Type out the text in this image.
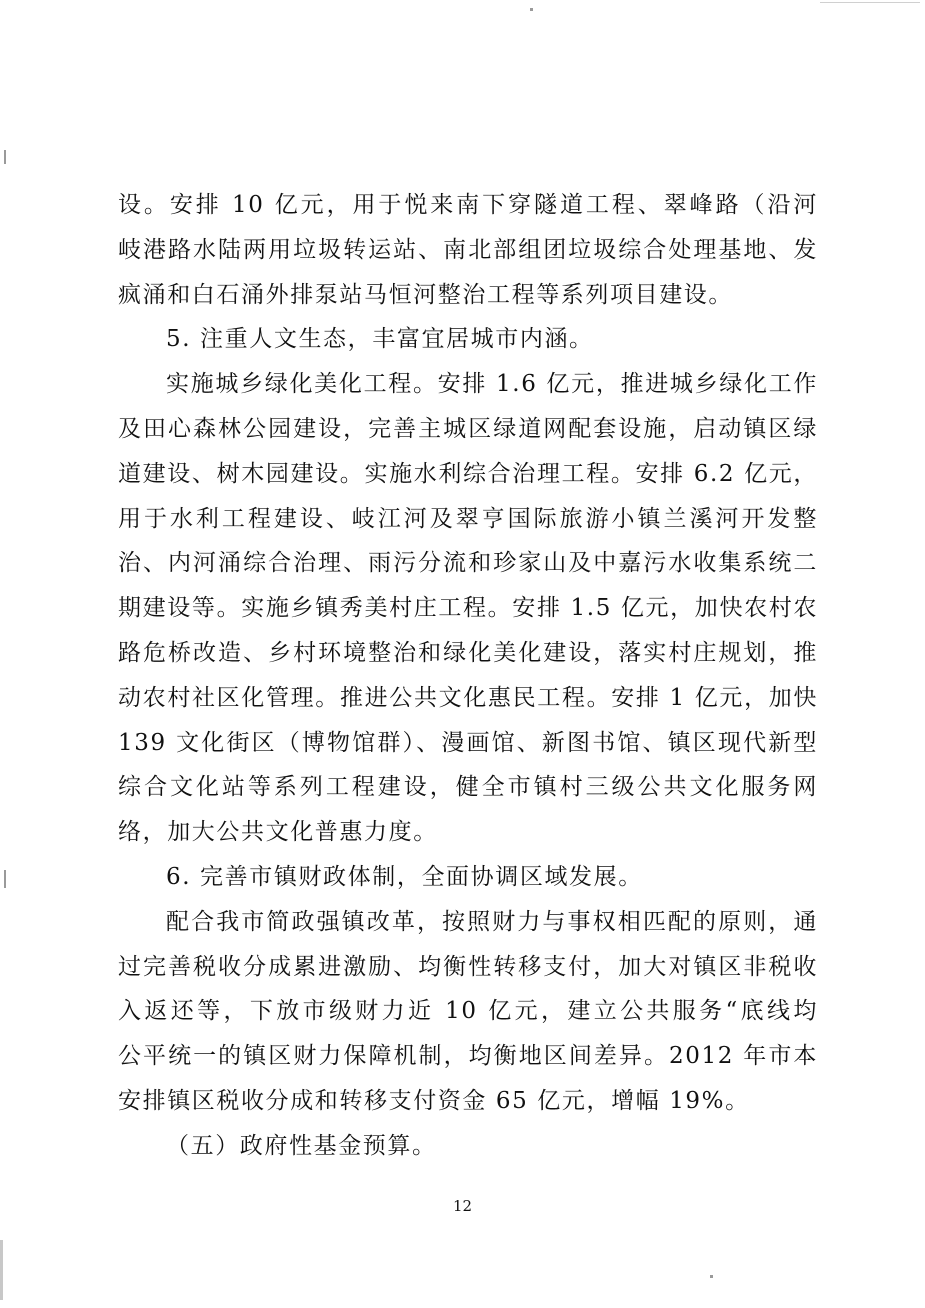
设。安排 10 亿元，用于悦来南下穿隧道工程、翠峰路（沿河
岐港路水陆两用垃圾转运站、南北部组团垃圾综合处理基地、发
疯涌和白石涌外排泵站马恒河整治工程等系列项目建设。
5. 注重人文生态，丰富宜居城市内涵。
实施城乡绿化美化工程。安排 1.6 亿元，推进城乡绿化工作
及田心森林公园建设，完善主城区绿道网配套设施，启动镇区绿
道建设、树木园建设。实施水利综合治理工程。安排 6.2 亿元，
用于水利工程建设、岐江河及翠亨国际旅游小镇兰溪河开发整
治、内河涌综合治理、雨污分流和珍家山及中嘉污水收集系统二
期建设等。实施乡镇秀美村庄工程。安排 1.5 亿元，加快农村农
路危桥改造、乡村环境整治和绿化美化建设，落实村庄规划，推
动农村社区化管理。推进公共文化惠民工程。安排 1 亿元，加快
139 文化街区（博物馆群）、漫画馆、新图书馆、镇区现代新型
综合文化站等系列工程建设，健全市镇村三级公共文化服务网
络，加大公共文化普惠力度。
6. 完善市镇财政体制，全面协调区域发展。
配合我市简政强镇改革，按照财力与事权相匹配的原则，通
过完善税收分成累进激励、均衡性转移支付，加大对镇区非税收
入返还等，下放市级财力近 10 亿元，建立公共服务“底线均
公平统一的镇区财力保障机制，均衡地区间差异。2012 年市本
安排镇区税收分成和转移支付资金 65 亿元，增幅 19%。
（五）政府性基金预算。
12
